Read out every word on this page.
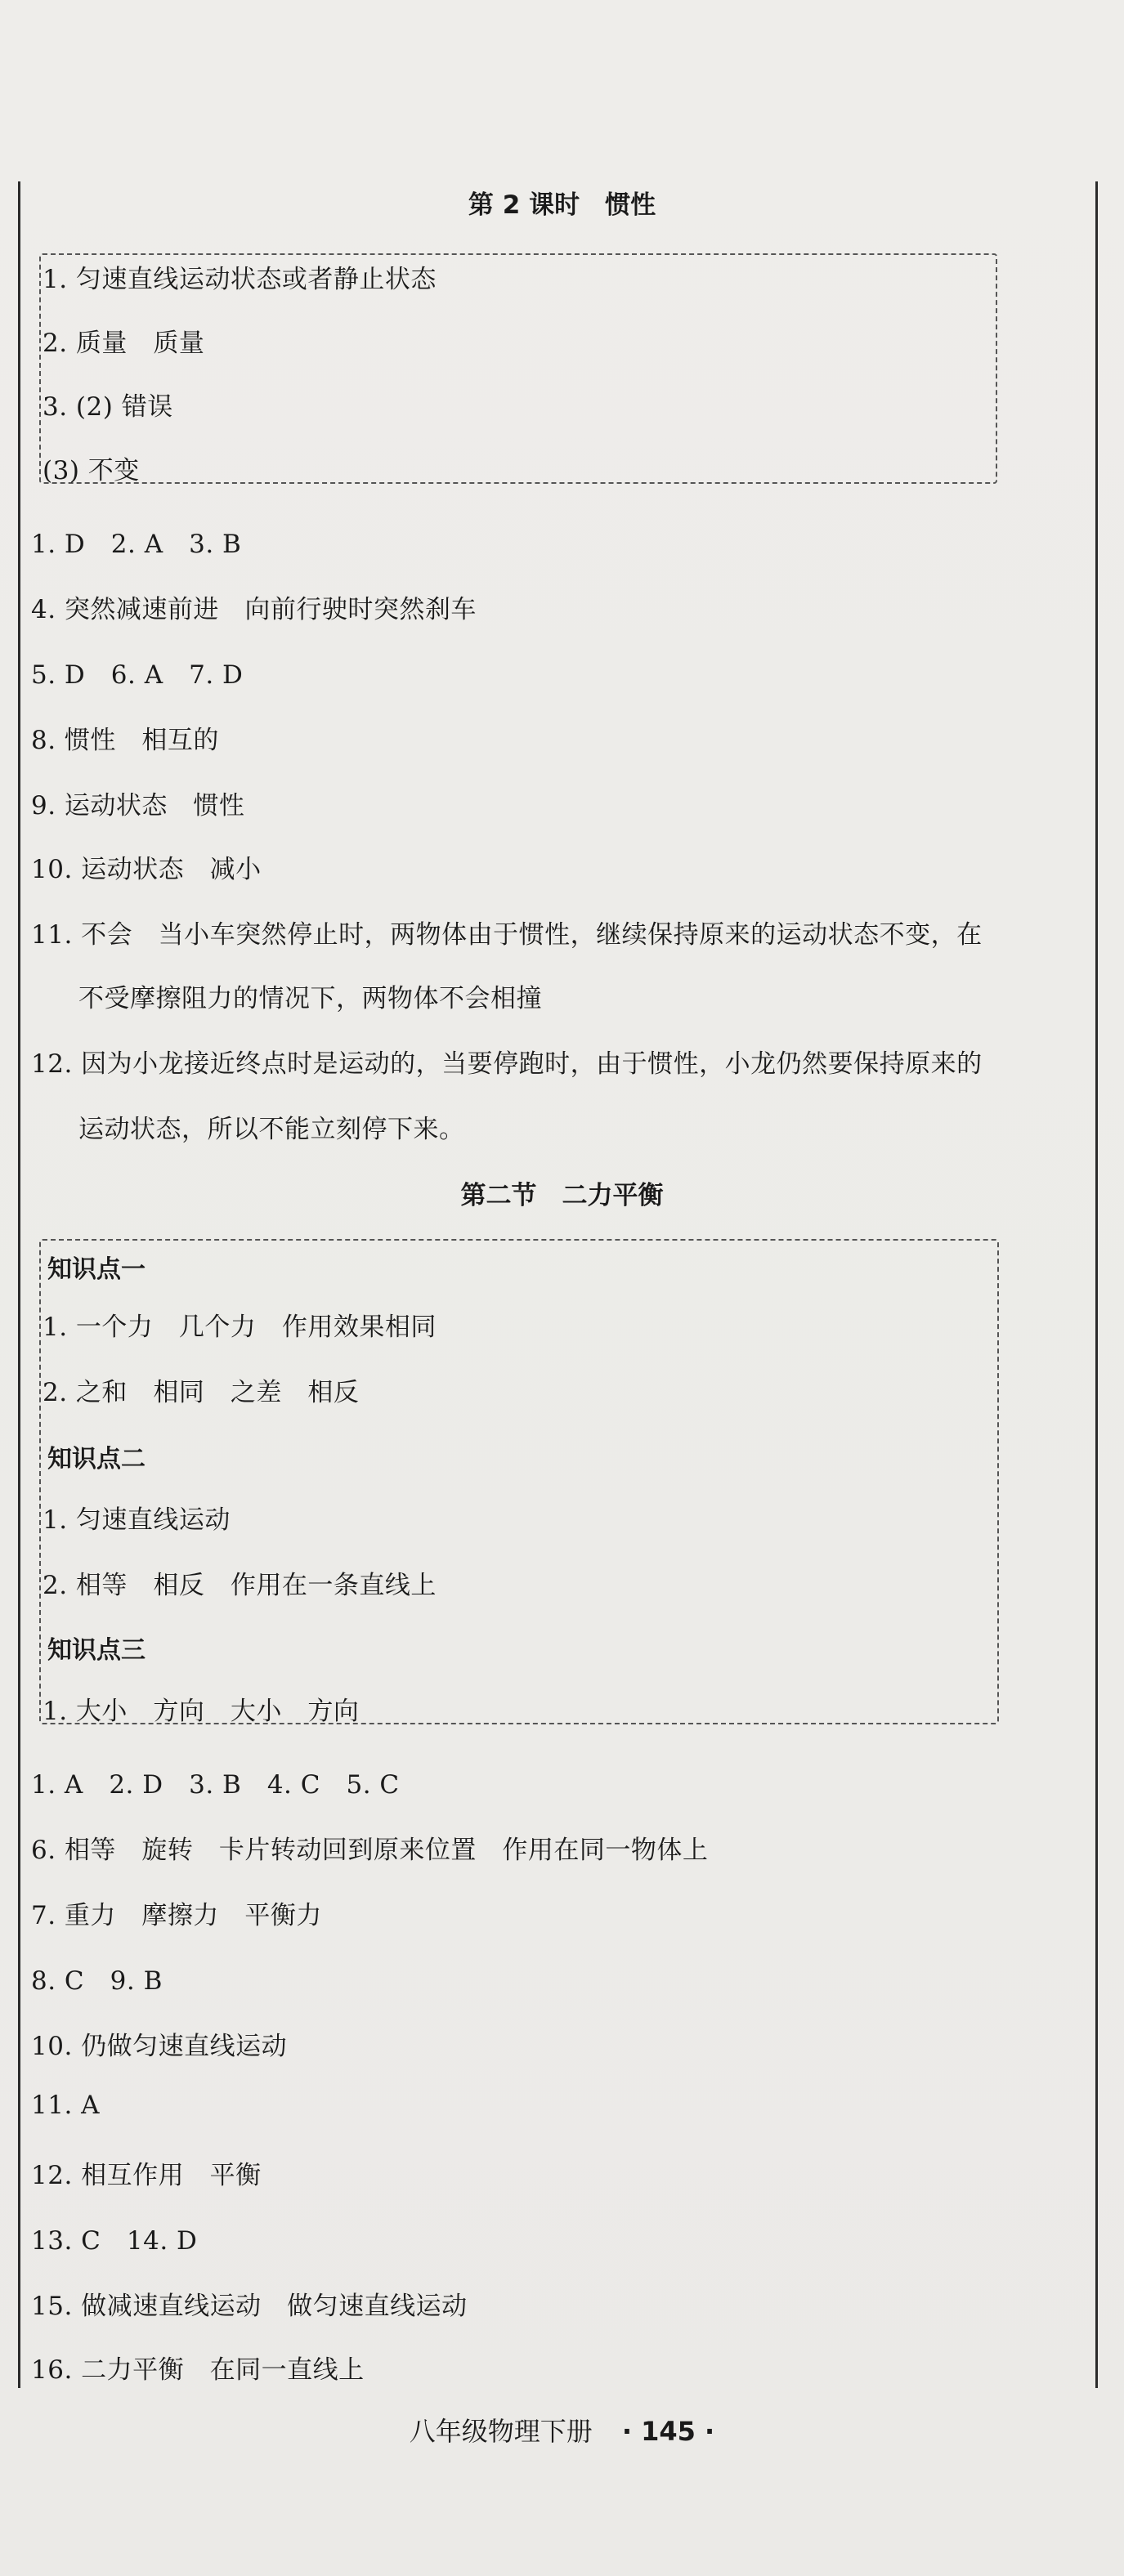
第 2 课时　惯性
1. 匀速直线运动状态或者静止状态
2. 质量　质量
3. (2) 错误
(3) 不变
1. D　2. A　3. B
4. 突然减速前进　向前行驶时突然刹车
5. D　6. A　7. D
8. 惯性　相互的
9. 运动状态　惯性
10. 运动状态　减小
11. 不会　当小车突然停止时，两物体由于惯性，继续保持原来的运动状态不变，在
不受摩擦阻力的情况下，两物体不会相撞
12. 因为小龙接近终点时是运动的，当要停跑时，由于惯性，小龙仍然要保持原来的
运动状态，所以不能立刻停下来。
第二节　二力平衡
知识点一
1. 一个力　几个力　作用效果相同
2. 之和　相同　之差　相反
知识点二
1. 匀速直线运动
2. 相等　相反　作用在一条直线上
知识点三
1. 大小　方向　大小　方向
1. A　2. D　3. B　4. C　5. C
6. 相等　旋转　卡片转动回到原来位置　作用在同一物体上
7. 重力　摩擦力　平衡力
8. C　9. B
10. 仍做匀速直线运动
11. A
12. 相互作用　平衡
13. C　14. D
15. 做减速直线运动　做匀速直线运动
16. 二力平衡　在同一直线上
八年级物理下册 · 145 ·
